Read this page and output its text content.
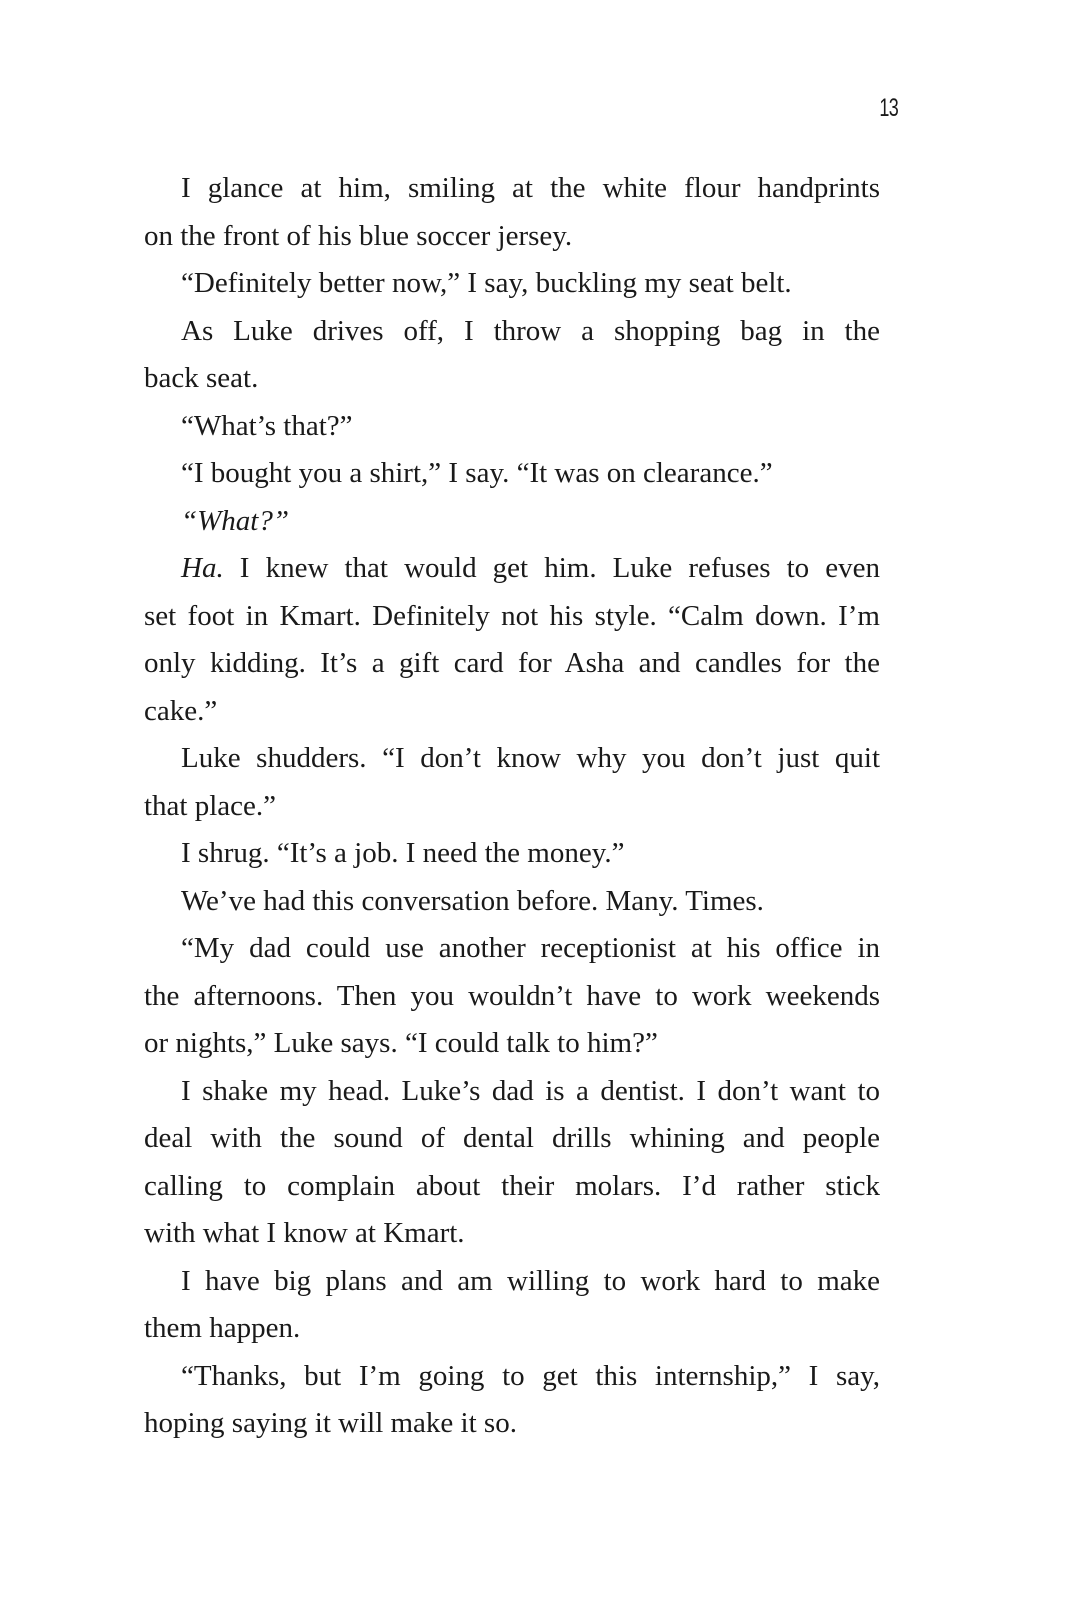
13

I glance at him, smiling at the white flour handprints
on the front of his blue soccer jersey.

“Definitely better now,” I say, buckling my seat belt.

As Luke drives off, I throw a shopping bag in the
back seat.

“What’s that?”

“I bought you a shirt,” I say. “It was on clearance.”

“What?”

Ha. I knew that would get him. Luke refuses to even
set foot in Kmart. Definitely not his style. “Calm down. I’m
only kidding. It’s a gift card for Asha and candles for the
cake.”

Luke shudders. “I don’t know why you don’t just quit
that place.”

I shrug. “It’s a job. I need the money.”

We’ve had this conversation before. Many. Times.

“My dad could use another receptionist at his office in
the afternoons. Then you wouldn’t have to work weekends
or nights,” Luke says. “I could talk to him?”

I shake my head. Luke’s dad is a dentist. I don’t want to
deal with the sound of dental drills whining and people
calling to complain about their molars. I’d rather stick
with what I know at Kmart.

I have big plans and am willing to work hard to make
them happen.

“Thanks, but I’m going to get this internship,” I say,
hoping saying it will make it so.
